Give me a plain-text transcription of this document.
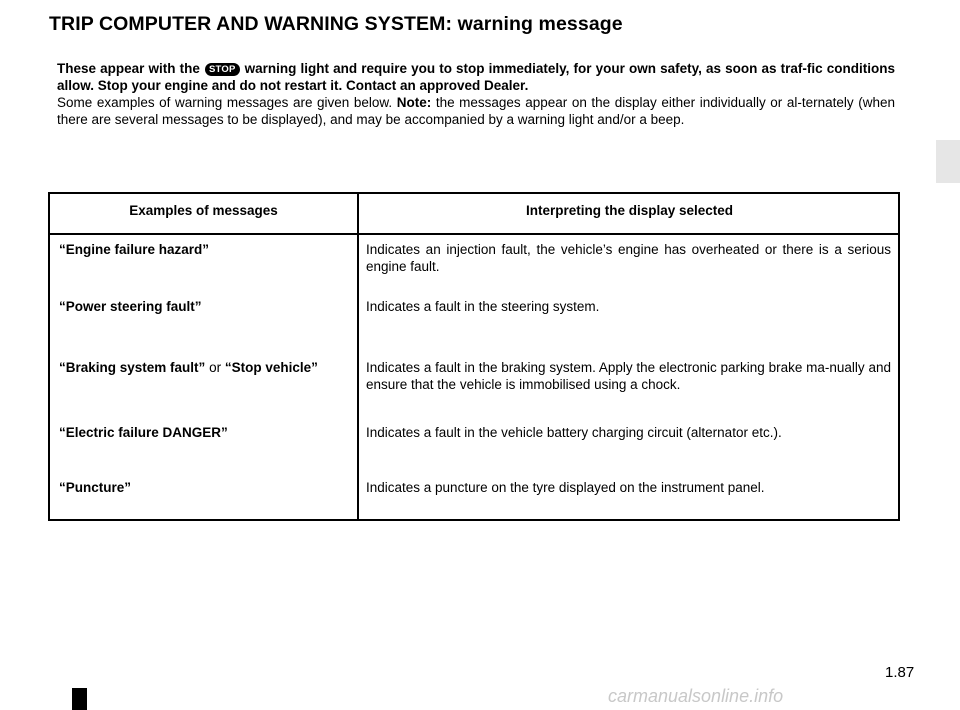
TRIP COMPUTER AND WARNING SYSTEM: warning message

These appear with the STOP warning light and require you to stop immediately, for your own safety, as soon as traf-fic conditions allow. Stop your engine and do not restart it. Contact an approved Dealer.

Some examples of warning messages are given below. Note: the messages appear on the display either individually or al-ternately (when there are several messages to be displayed), and may be accompanied by a warning light and/or a beep.

Examples of messages	Interpreting the display selected
“Engine failure hazard”	Indicates an injection fault, the vehicle’s engine has overheated or there is a serious engine fault.
“Power steering fault”	Indicates a fault in the steering system.
“Braking system fault” or “Stop vehicle”	Indicates a fault in the braking system. Apply the electronic parking brake ma-nually and ensure that the vehicle is immobilised using a chock.
“Electric failure DANGER”	Indicates a fault in the vehicle battery charging circuit (alternator etc.).
“Puncture”	Indicates a puncture on the tyre displayed on the instrument panel.
1.87
carmanualsonline.info
